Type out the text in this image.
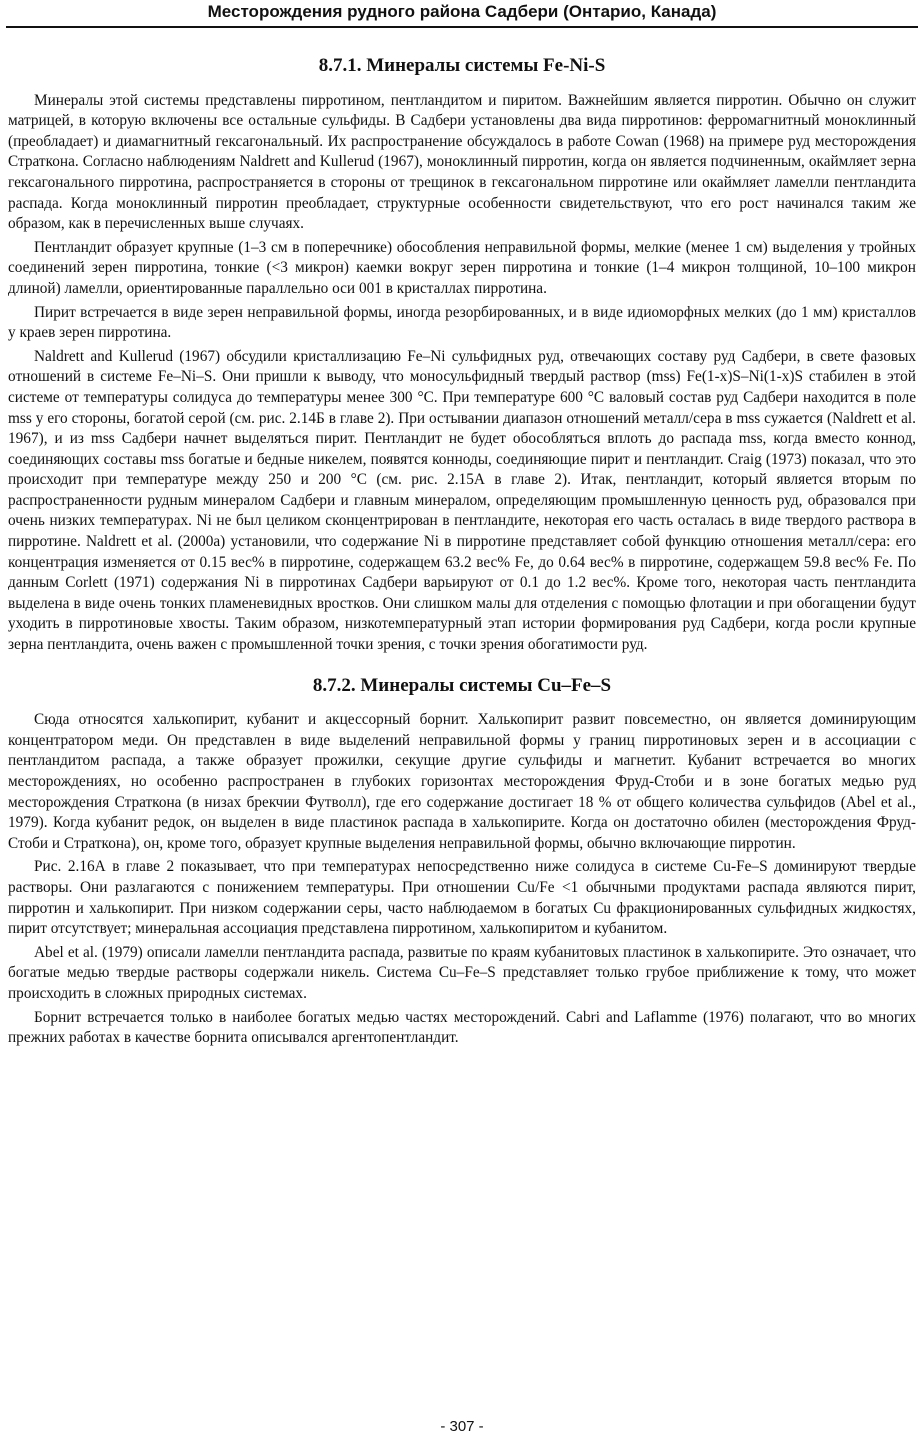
Месторождения рудного района Садбери (Онтарио, Канада)
8.7.1. Минералы системы Fe-Ni-S

Минералы этой системы представлены пирротином, пентландитом и пиритом. Важнейшим является пирротин. Обычно он служит матрицей, в которую включены все остальные сульфиды. В Садбери установлены два вида пирротинов: ферромагнитный моноклинный (преобладает) и диамагнитный гексагональный. Их распространение обсуждалось в работе Cowan (1968) на примере руд месторождения Страткона. Согласно наблюдениям Naldrett and Kullerud (1967), моноклинный пирротин, когда он является подчиненным, окаймляет зерна гексагонального пирротина, распространяется в стороны от трещинок в гексагональном пирротине или окаймляет ламелли пентландита распада. Когда моноклинный пирротин преобладает, структурные особенности свидетельствуют, что его рост начинался таким же образом, как в перечисленных выше случаях.

Пентландит образует крупные (1–3 см в поперечнике) обособления неправильной формы, мелкие (менее 1 см) выделения у тройных соединений зерен пирротина, тонкие (<3 микрон) каемки вокруг зерен пирротина и тонкие (1–4 микрон толщиной, 10–100 микрон длиной) ламелли, ориентированные параллельно оси 001 в кристаллах пирротина.

Пирит встречается в виде зерен неправильной формы, иногда резорбированных, и в виде идиоморфных мелких (до 1 мм) кристаллов у краев зерен пирротина.

Naldrett and Kullerud (1967) обсудили кристаллизацию Fe–Ni сульфидных руд, отвечающих составу руд Садбери, в свете фазовых отношений в системе Fe–Ni–S. Они пришли к выводу, что моносульфидный твердый раствор (mss) Fe(1-x)S–Ni(1-x)S стабилен в этой системе от температуры солидуса до температуры менее 300 °С. При температуре 600 °С валовый состав руд Садбери находится в поле mss у его стороны, богатой серой (см. рис. 2.14Б в главе 2). При остывании диапазон отношений металл/сера в mss сужается (Naldrett et al. 1967), и из mss Садбери начнет выделяться пирит. Пентландит не будет обособляться вплоть до распада mss, когда вместо коннод, соединяющих составы mss богатые и бедные никелем, появятся конноды, соединяющие пирит и пентландит. Craig (1973) показал, что это происходит при температуре между 250 и 200 °С (см. рис. 2.15А в главе 2). Итак, пентландит, который является вторым по распространенности рудным минералом Садбери и главным минералом, определяющим промышленную ценность руд, образовался при очень низких температурах. Ni не был целиком сконцентрирован в пентландите, некоторая его часть осталась в виде твердого раствора в пирротине. Naldrett et al. (2000a) установили, что содержание Ni в пирротине представляет собой функцию отношения металл/сера: его концентрация изменяется от 0.15 вес% в пирротине, содержащем 63.2 вес% Fe, до 0.64 вес% в пирротине, содержащем 59.8 вес% Fe. По данным Corlett (1971) содержания Ni в пирротинах Садбери варьируют от 0.1 до 1.2 вес%. Кроме того, некоторая часть пентландита выделена в виде очень тонких пламеневидных вростков. Они слишком малы для отделения с помощью флотации и при обогащении будут уходить в пирротиновые хвосты. Таким образом, низкотемпературный этап истории формирования руд Садбери, когда росли крупные зерна пентландита, очень важен с промышленной точки зрения, с точки зрения обогатимости руд.

8.7.2. Минералы системы Cu–Fe–S

Сюда относятся халькопирит, кубанит и акцессорный борнит. Халькопирит развит повсеместно, он является доминирующим концентратором меди. Он представлен в виде выделений неправильной формы у границ пирротиновых зерен и в ассоциации с пентландитом распада, а также образует прожилки, секущие другие сульфиды и магнетит. Кубанит встречается во многих месторождениях, но особенно распространен в глубоких горизонтах месторождения Фруд-Стоби и в зоне богатых медью руд месторождения Страткона (в низах брекчии Футволл), где его содержание достигает 18 % от общего количества сульфидов (Abel et al., 1979). Когда кубанит редок, он выделен в виде пластинок распада в халькопирите. Когда он достаточно обилен (месторождения Фруд-Стоби и Страткона), он, кроме того, образует крупные выделения неправильной формы, обычно включающие пирротин.

Рис. 2.16А в главе 2 показывает, что при температурах непосредственно ниже солидуса в системе Cu-Fe–S доминируют твердые растворы. Они разлагаются с понижением температуры. При отношении Cu/Fe <1 обычными продуктами распада являются пирит, пирротин и халькопирит. При низком содержании серы, часто наблюдаемом в богатых Cu фракционированных сульфидных жидкостях, пирит отсутствует; минеральная ассоциация представлена пирротином, халькопиритом и кубанитом.

Abel et al. (1979) описали ламелли пентландита распада, развитые по краям кубанитовых пластинок в халькопирите. Это означает, что богатые медью твердые растворы содержали никель. Система Cu–Fe–S представляет только грубое приближение к тому, что может происходить в сложных природных системах.

Борнит встречается только в наиболее богатых медью частях месторождений. Cabri and Laflamme (1976) полагают, что во многих прежних работах в качестве борнита описывался аргентопентландит.

- 307 -
